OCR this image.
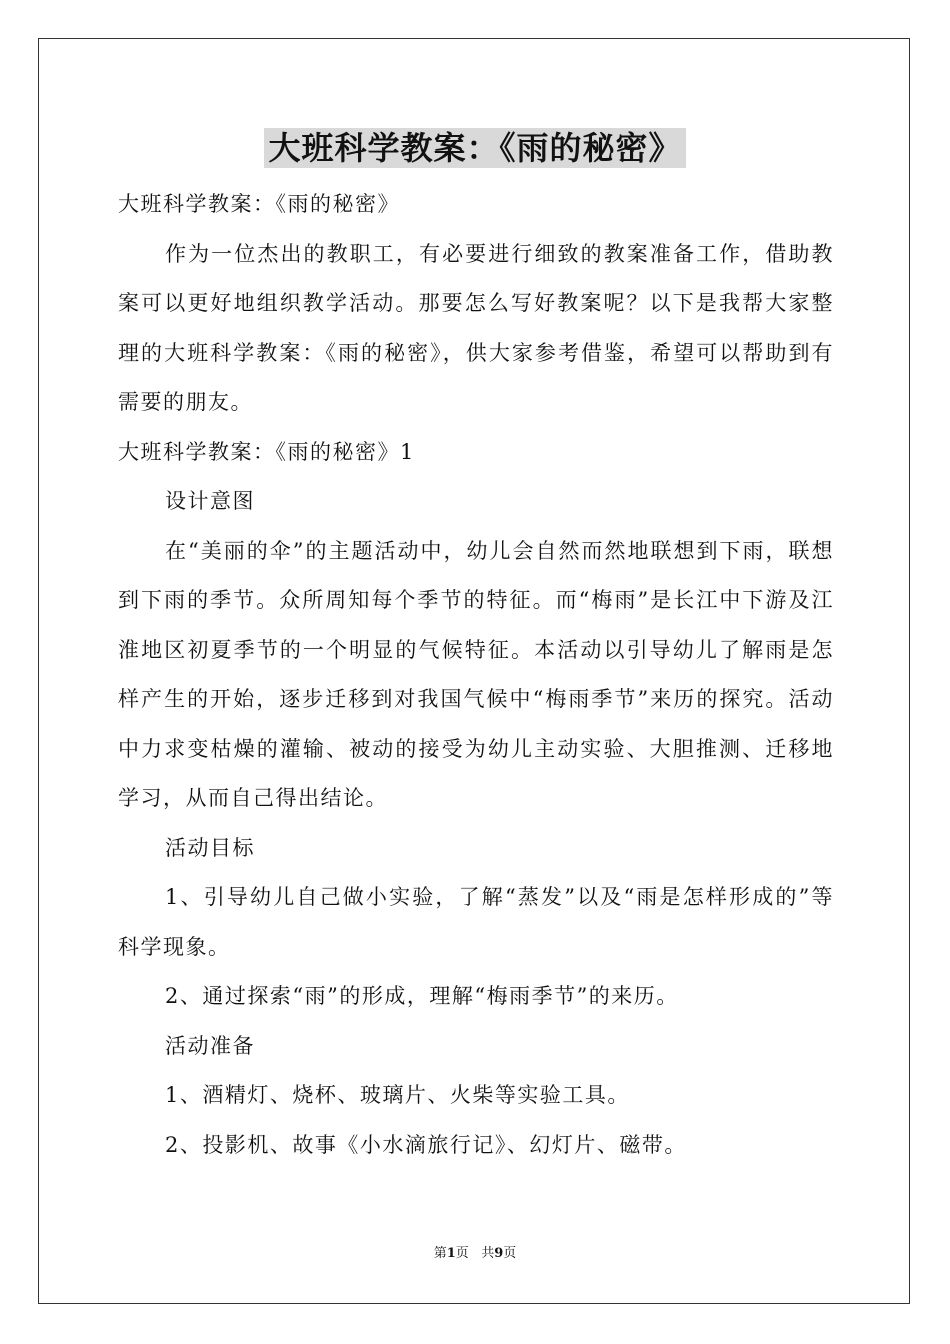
大班科学教案：《雨的秘密》

大班科学教案：《雨的秘密》

作为一位杰出的教职工，有必要进行细致的教案准备工作，借助教案可以更好地组织教学活动。那要怎么写好教案呢？以下是我帮大家整理的大班科学教案：《雨的秘密》，供大家参考借鉴，希望可以帮助到有需要的朋友。

大班科学教案：《雨的秘密》1

设计意图

在“美丽的伞”的主题活动中，幼儿会自然而然地联想到下雨，联想到下雨的季节。众所周知每个季节的特征。而“梅雨”是长江中下游及江淮地区初夏季节的一个明显的气候特征。本活动以引导幼儿了解雨是怎样产生的开始，逐步迁移到对我国气候中“梅雨季节”来历的探究。活动中力求变枯燥的灌输、被动的接受为幼儿主动实验、大胆推测、迁移地学习，从而自己得出结论。

活动目标

1、引导幼儿自己做小实验，了解“蒸发”以及“雨是怎样形成的”等科学现象。

2、通过探索“雨”的形成，理解“梅雨季节”的来历。

活动准备

1、酒精灯、烧杯、玻璃片、火柴等实验工具。

2、投影机、故事《小水滴旅行记》、幻灯片、磁带。

第1页 共9页
